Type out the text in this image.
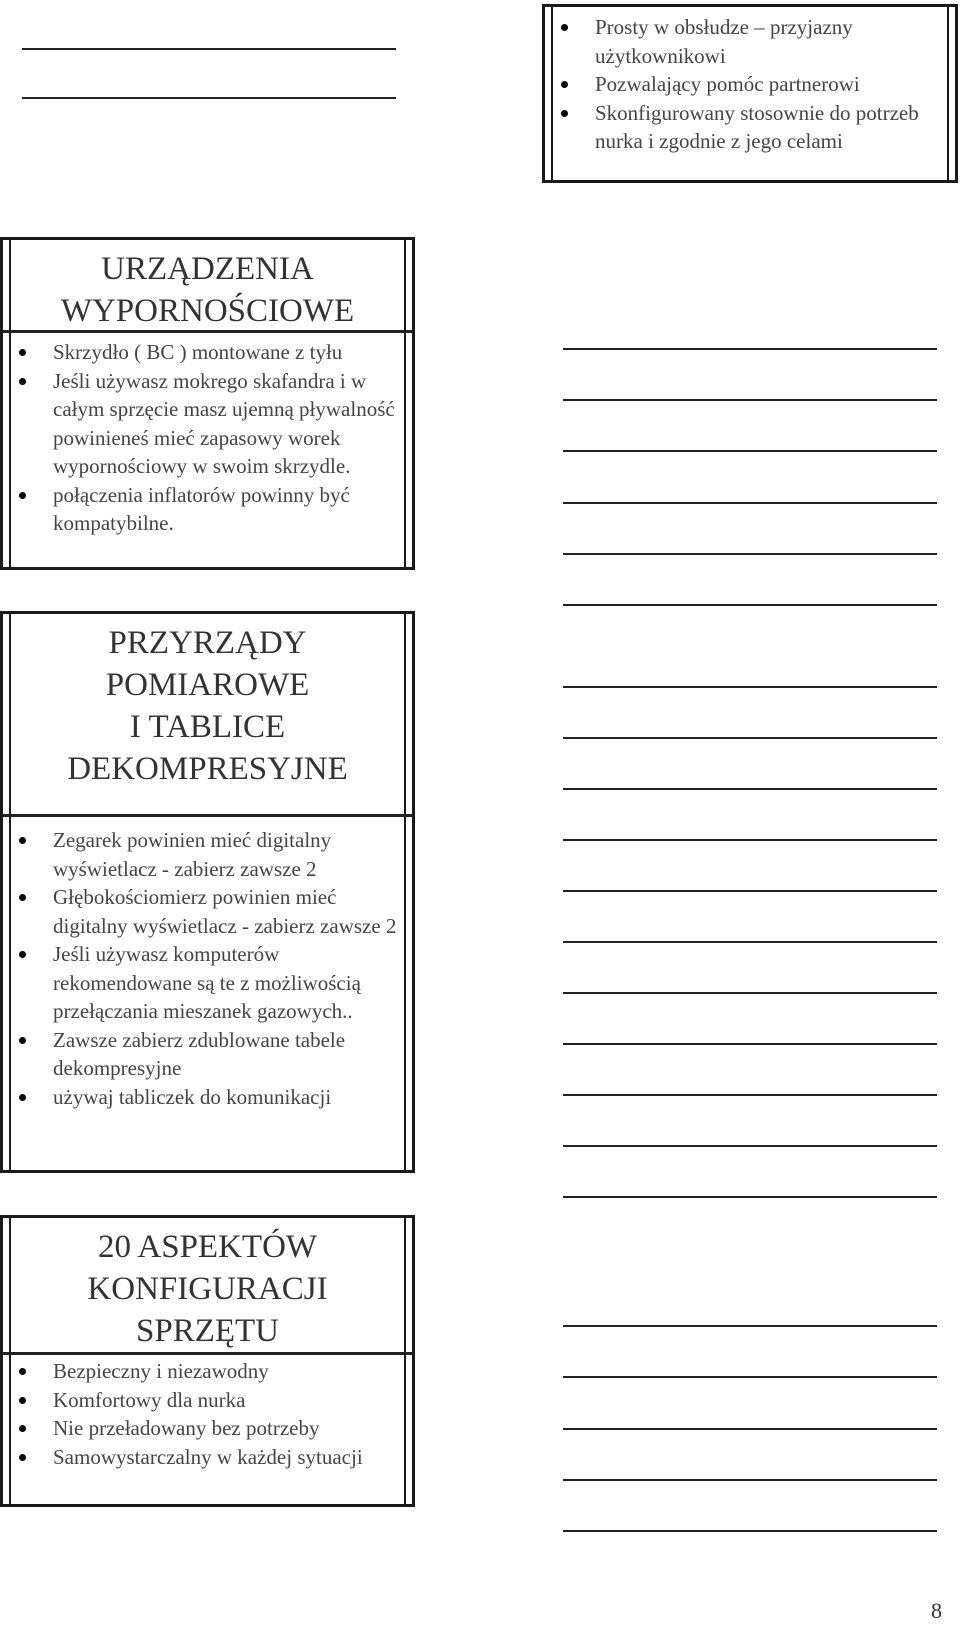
Prosty w obsłudze – przyjazny użytkownikowi
Pozwalający pomóc partnerowi
Skonfigurowany stosownie do potrzeb nurka i zgodnie z jego celami

URZĄDZENIA

WYPORNOŚCIOWE

Skrzydło ( BC ) montowane z tyłu
Jeśli używasz mokrego skafandra i w całym sprzęcie masz ujemną pływalność powinieneś mieć zapasowy worek wypornościowy w swoim skrzydle.
połączenia inflatorów powinny być kompatybilne.

PRZYRZĄDY

POMIAROWE

I TABLICE

DEKOMPRESYJNE

Zegarek powinien mieć digitalny wyświetlacz - zabierz zawsze 2
Głębokościomierz powinien mieć digitalny wyświetlacz - zabierz zawsze 2
Jeśli używasz komputerów rekomendowane są te z możliwością przełączania mieszanek gazowych..
Zawsze zabierz zdublowane tabele dekompresyjne
używaj tabliczek do komunikacji

20 ASPEKTÓW

KONFIGURACJI

SPRZĘTU

Bezpieczny i niezawodny
Komfortowy dla nurka
Nie przeładowany bez potrzeby
Samowystarczalny w każdej sytuacji
8
